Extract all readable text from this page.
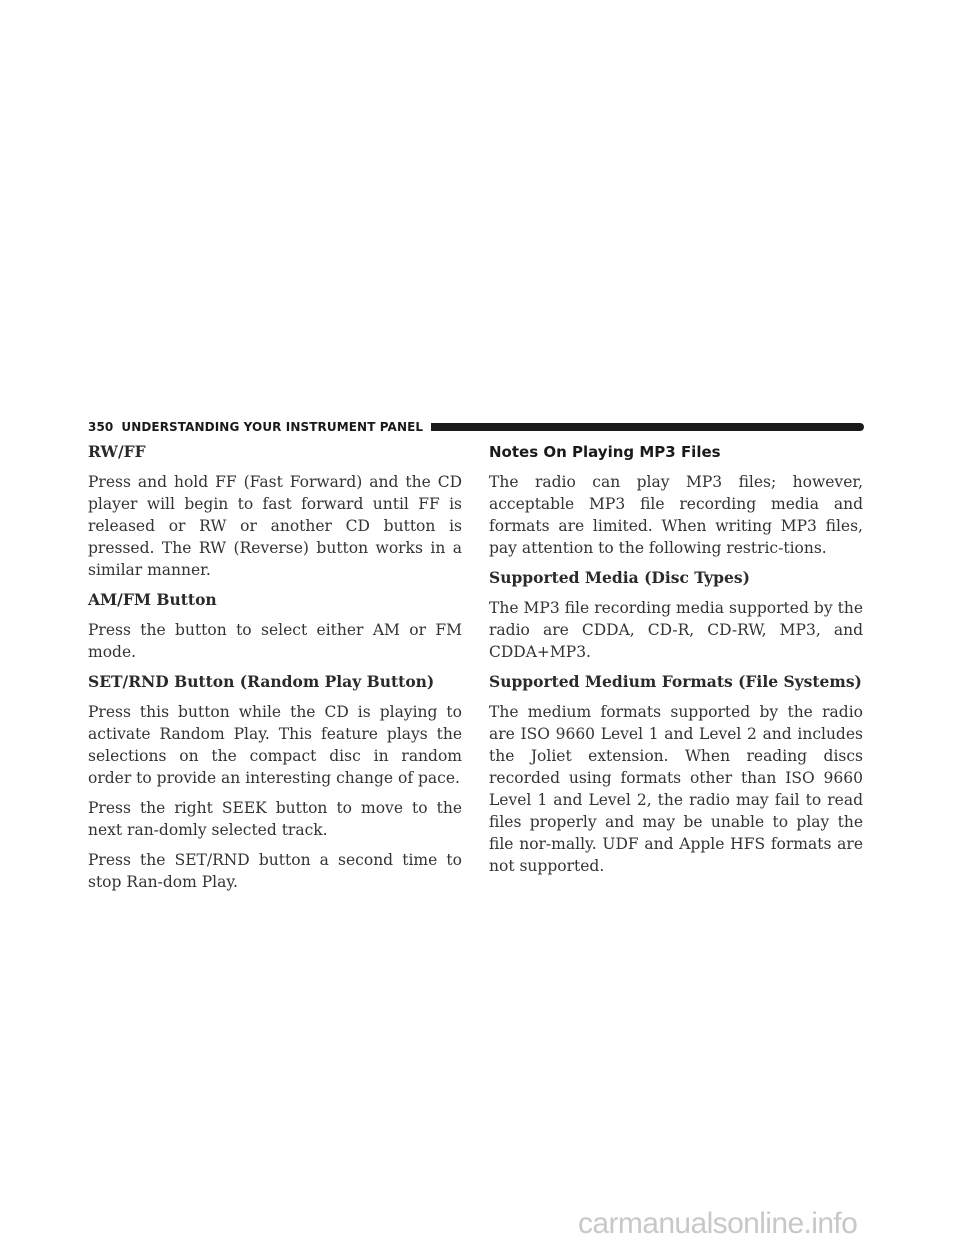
350 UNDERSTANDING YOUR INSTRUMENT PANEL
RW/FF

Press and hold FF (Fast Forward) and the CD player will begin to fast forward until FF is released or RW or another CD button is pressed. The RW (Reverse) button works in a similar manner.

AM/FM Button

Press the button to select either AM or FM mode.

SET/RND Button (Random Play Button)

Press this button while the CD is playing to activate Random Play. This feature plays the selections on the compact disc in random order to provide an interesting change of pace.

Press the right SEEK button to move to the next ran-domly selected track.

Press the SET/RND button a second time to stop Ran-dom Play.

Notes On Playing MP3 Files

The radio can play MP3 files; however, acceptable MP3 file recording media and formats are limited. When writing MP3 files, pay attention to the following restric-tions.

Supported Media (Disc Types)

The MP3 file recording media supported by the radio are CDDA, CD-R, CD-RW, MP3, and CDDA+MP3.

Supported Medium Formats (File Systems)

The medium formats supported by the radio are ISO 9660 Level 1 and Level 2 and includes the Joliet extension. When reading discs recorded using formats other than ISO 9660 Level 1 and Level 2, the radio may fail to read files properly and may be unable to play the file nor-mally. UDF and Apple HFS formats are not supported.

carmanualsonline.info
